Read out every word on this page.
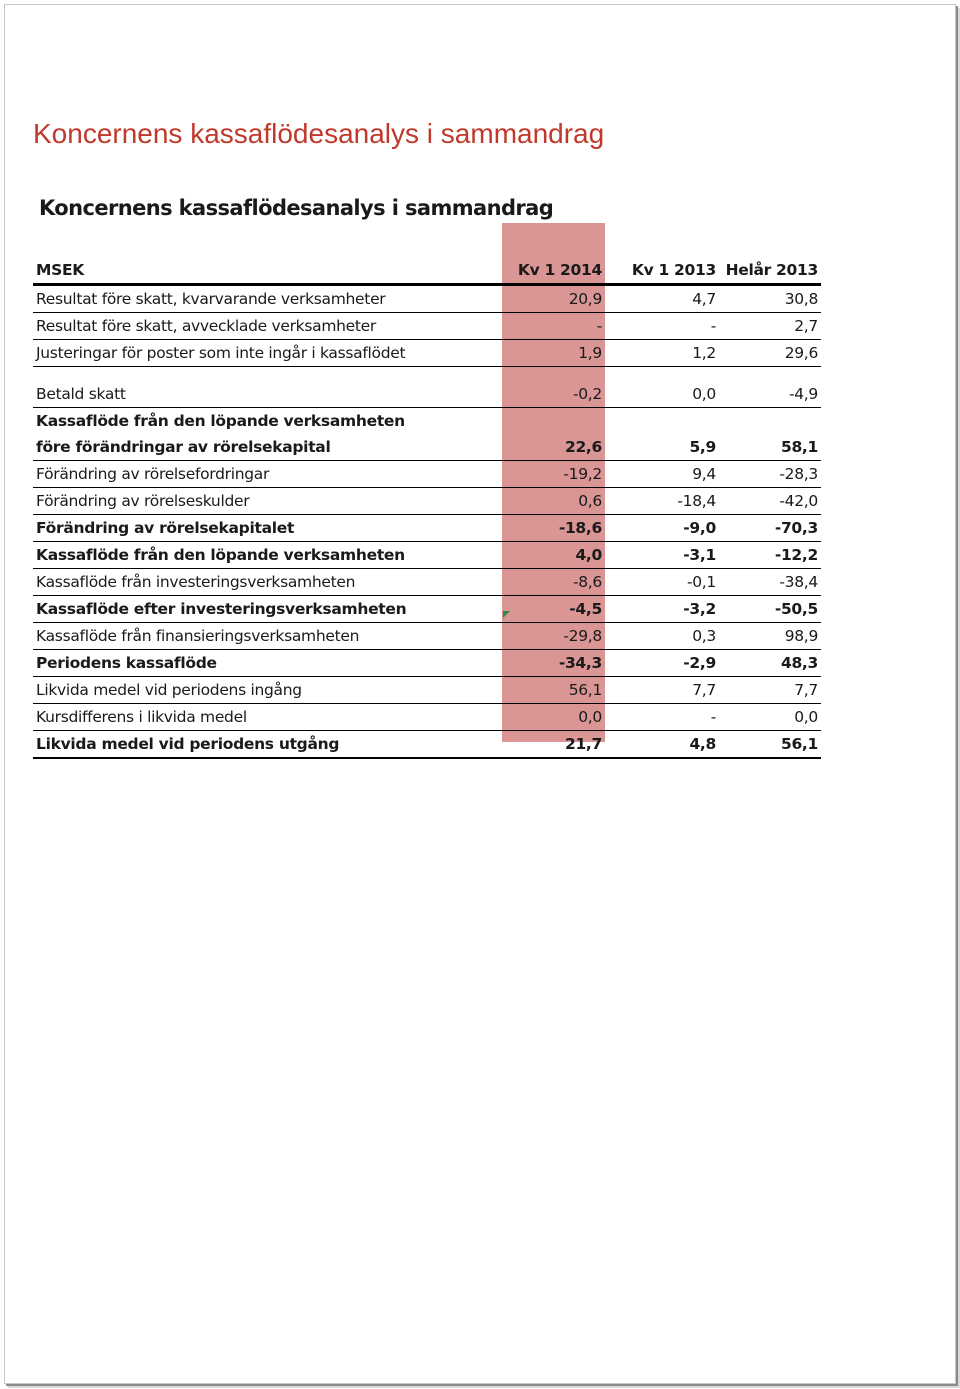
Koncernens kassaflödesanalys i sammandrag
Koncernens kassaflödesanalys i sammandrag
MSEK	Kv 1 2014	Kv 1 2013	Helår 2013
Resultat före skatt, kvarvarande verksamheter	20,9	4,7	30,8
Resultat före skatt, avvecklade verksamheter	-	-	2,7
Justeringar för poster som inte ingår i kassaflödet	1,9	1,2	29,6

Betald skatt	-0,2	0,0	-4,9
Kassaflöde från den löpande verksamheten			
före förändringar av rörelsekapital	22,6	5,9	58,1
Förändring av rörelsefordringar	-19,2	9,4	-28,3
Förändring av rörelseskulder	0,6	-18,4	-42,0
Förändring av rörelsekapitalet	-18,6	-9,0	-70,3
Kassaflöde från den löpande verksamheten	4,0	-3,1	-12,2
Kassaflöde från investeringsverksamheten	-8,6	-0,1	-38,4
Kassaflöde efter investeringsverksamheten	-4,5	-3,2	-50,5
Kassaflöde från finansieringsverksamheten	-29,8	0,3	98,9
Periodens kassaflöde	-34,3	-2,9	48,3
Likvida medel vid periodens ingång	56,1	7,7	7,7
Kursdifferens i likvida medel	0,0	-	0,0
Likvida medel vid periodens utgång	21,7	4,8	56,1
